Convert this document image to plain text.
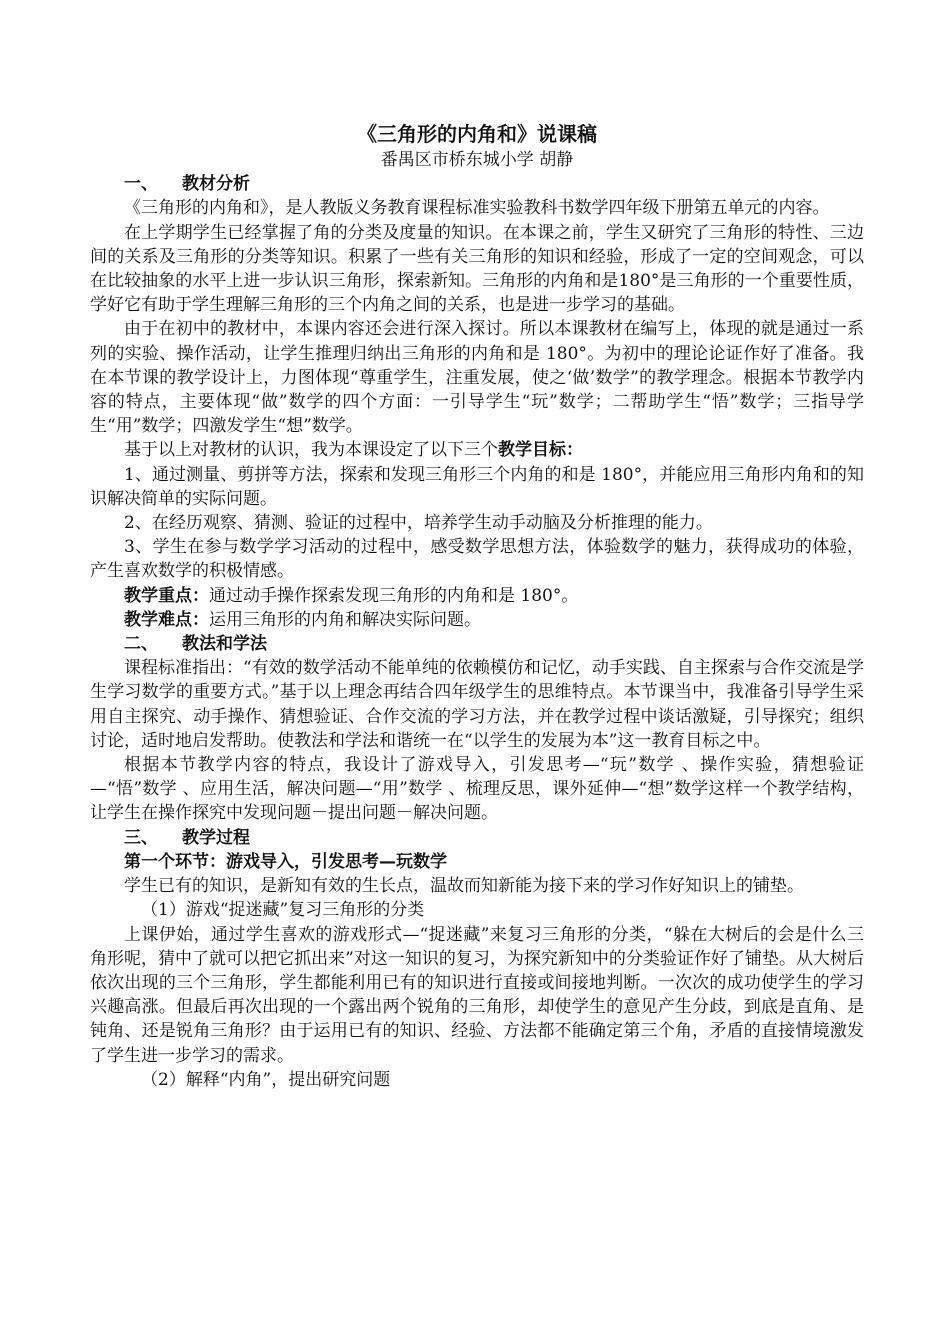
《三角形的内角和》说课稿

番禺区市桥东城小学 胡静

一、 教材分析

《三角形的内角和》，是人教版义务教育课程标准实验教科书数学四年级下册第五单元的内容。

在上学期学生已经掌握了角的分类及度量的知识。在本课之前，学生又研究了三角形的特性、三边间的关系及三角形的分类等知识。积累了一些有关三角形的知识和经验，形成了一定的空间观念，可以在比较抽象的水平上进一步认识三角形，探索新知。三角形的内角和是180°是三角形的一个重要性质，学好它有助于学生理解三角形的三个内角之间的关系，也是进一步学习的基础。

由于在初中的教材中，本课内容还会进行深入探讨。所以本课教材在编写上，体现的就是通过一系列的实验、操作活动，让学生推理归纳出三角形的内角和是 180°。为初中的理论论证作好了准备。我在本节课的教学设计上，力图体现“尊重学生，注重发展，使之‘做’数学”的教学理念。根据本节教学内容的特点，主要体现“做”数学的四个方面：一引导学生“玩”数学；二帮助学生“悟”数学；三指导学生“用”数学；四激发学生“想”数学。

基于以上对教材的认识，我为本课设定了以下三个教学目标：

1、通过测量、剪拼等方法，探索和发现三角形三个内角的和是 180°，并能应用三角形内角和的知识解决简单的实际问题。

2、在经历观察、猜测、验证的过程中，培养学生动手动脑及分析推理的能力。

3、学生在参与数学学习活动的过程中，感受数学思想方法，体验数学的魅力，获得成功的体验，产生喜欢数学的积极情感。

教学重点：通过动手操作探索发现三角形的内角和是 180°。

教学难点：运用三角形的内角和解决实际问题。

二、 教法和学法

课程标准指出：“有效的数学活动不能单纯的依赖模仿和记忆，动手实践、自主探索与合作交流是学生学习数学的重要方式。”基于以上理念再结合四年级学生的思维特点。本节课当中，我准备引导学生采用自主探究、动手操作、猜想验证、合作交流的学习方法，并在教学过程中谈话激疑，引导探究；组织讨论，适时地启发帮助。使教法和学法和谐统一在“以学生的发展为本”这一教育目标之中。

根据本节教学内容的特点，我设计了游戏导入，引发思考—“玩”数学 、操作实验，猜想验证—“悟”数学 、应用生活，解决问题—“用”数学 、梳理反思，课外延伸—“想”数学这样一个教学结构，让学生在操作探究中发现问题－提出问题－解决问题。

三、 教学过程

第一个环节：游戏导入，引发思考—玩数学

学生已有的知识，是新知有效的生长点，温故而知新能为接下来的学习作好知识上的铺垫。

（1）游戏“捉迷藏”复习三角形的分类

上课伊始，通过学生喜欢的游戏形式—“捉迷藏”来复习三角形的分类，“躲在大树后的会是什么三角形呢，猜中了就可以把它抓出来”对这一知识的复习，为探究新知中的分类验证作好了铺垫。从大树后依次出现的三个三角形，学生都能利用已有的知识进行直接或间接地判断。一次次的成功使学生的学习兴趣高涨。但最后再次出现的一个露出两个锐角的三角形，却使学生的意见产生分歧，到底是直角、是钝角、还是锐角三角形？由于运用已有的知识、经验、方法都不能确定第三个角，矛盾的直接情境激发了学生进一步学习的需求。

（2）解释“内角”，提出研究问题
